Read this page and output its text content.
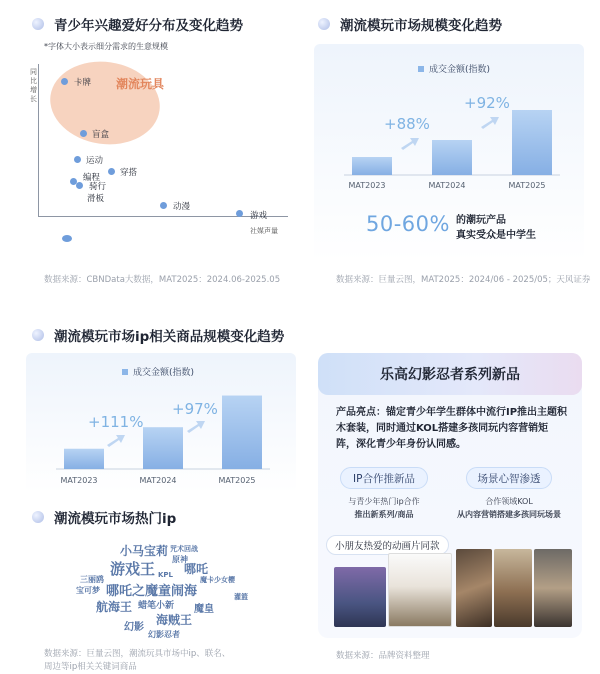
青少年兴趣爱好分布及变化趋势
*字体大小表示细分需求的生意规模
同比增长
社媒声量
潮流玩具
卡牌
盲盒
运动
编程 穿搭
骑行
滑板
动漫
游戏
数据来源：CBNData大数据，MAT2025：2024.06-2025.05
潮流模玩市场规模变化趋势
成交金额(指数)
MAT2023	MAT2024	MAT2025
+88%
+92%
50-60% 的潮玩产品
真实受众是中学生
数据来源：巨量云图，MAT2025：2024/06 - 2025/05；天风证券
潮流模玩市场ip相关商品规模变化趋势
成交金额(指数)
MAT2023	MAT2024	MAT2025
+111%
+97%
潮流模玩市场热门ip
小马宝莉 咒术回战
原神
游戏王 KPL 哪吒
三丽鸥
宝可梦 哪吒之魔童闹海
魔卡少女樱
航海王 蜡笔小新 魔皇
海贼王
幻影
幻影忍者
灌篮
数据来源：巨量云图，潮流玩具市场中ip、联名、
周边等ip相关关键词商品
乐高幻影忍者系列新品
产品亮点：锚定青少年学生群体中流行IP推出主题积木套装，同时通过KOL搭建多孩同玩内容营销矩阵，深化青少年身份认同感。
IP合作推新品
与青少年热门ip合作
推出新系列/商品
场景心智渗透
合作领域KOL
从内容营销搭建多孩同玩场景
小朋友热爱的动画片同款
数据来源：品牌资料整理
